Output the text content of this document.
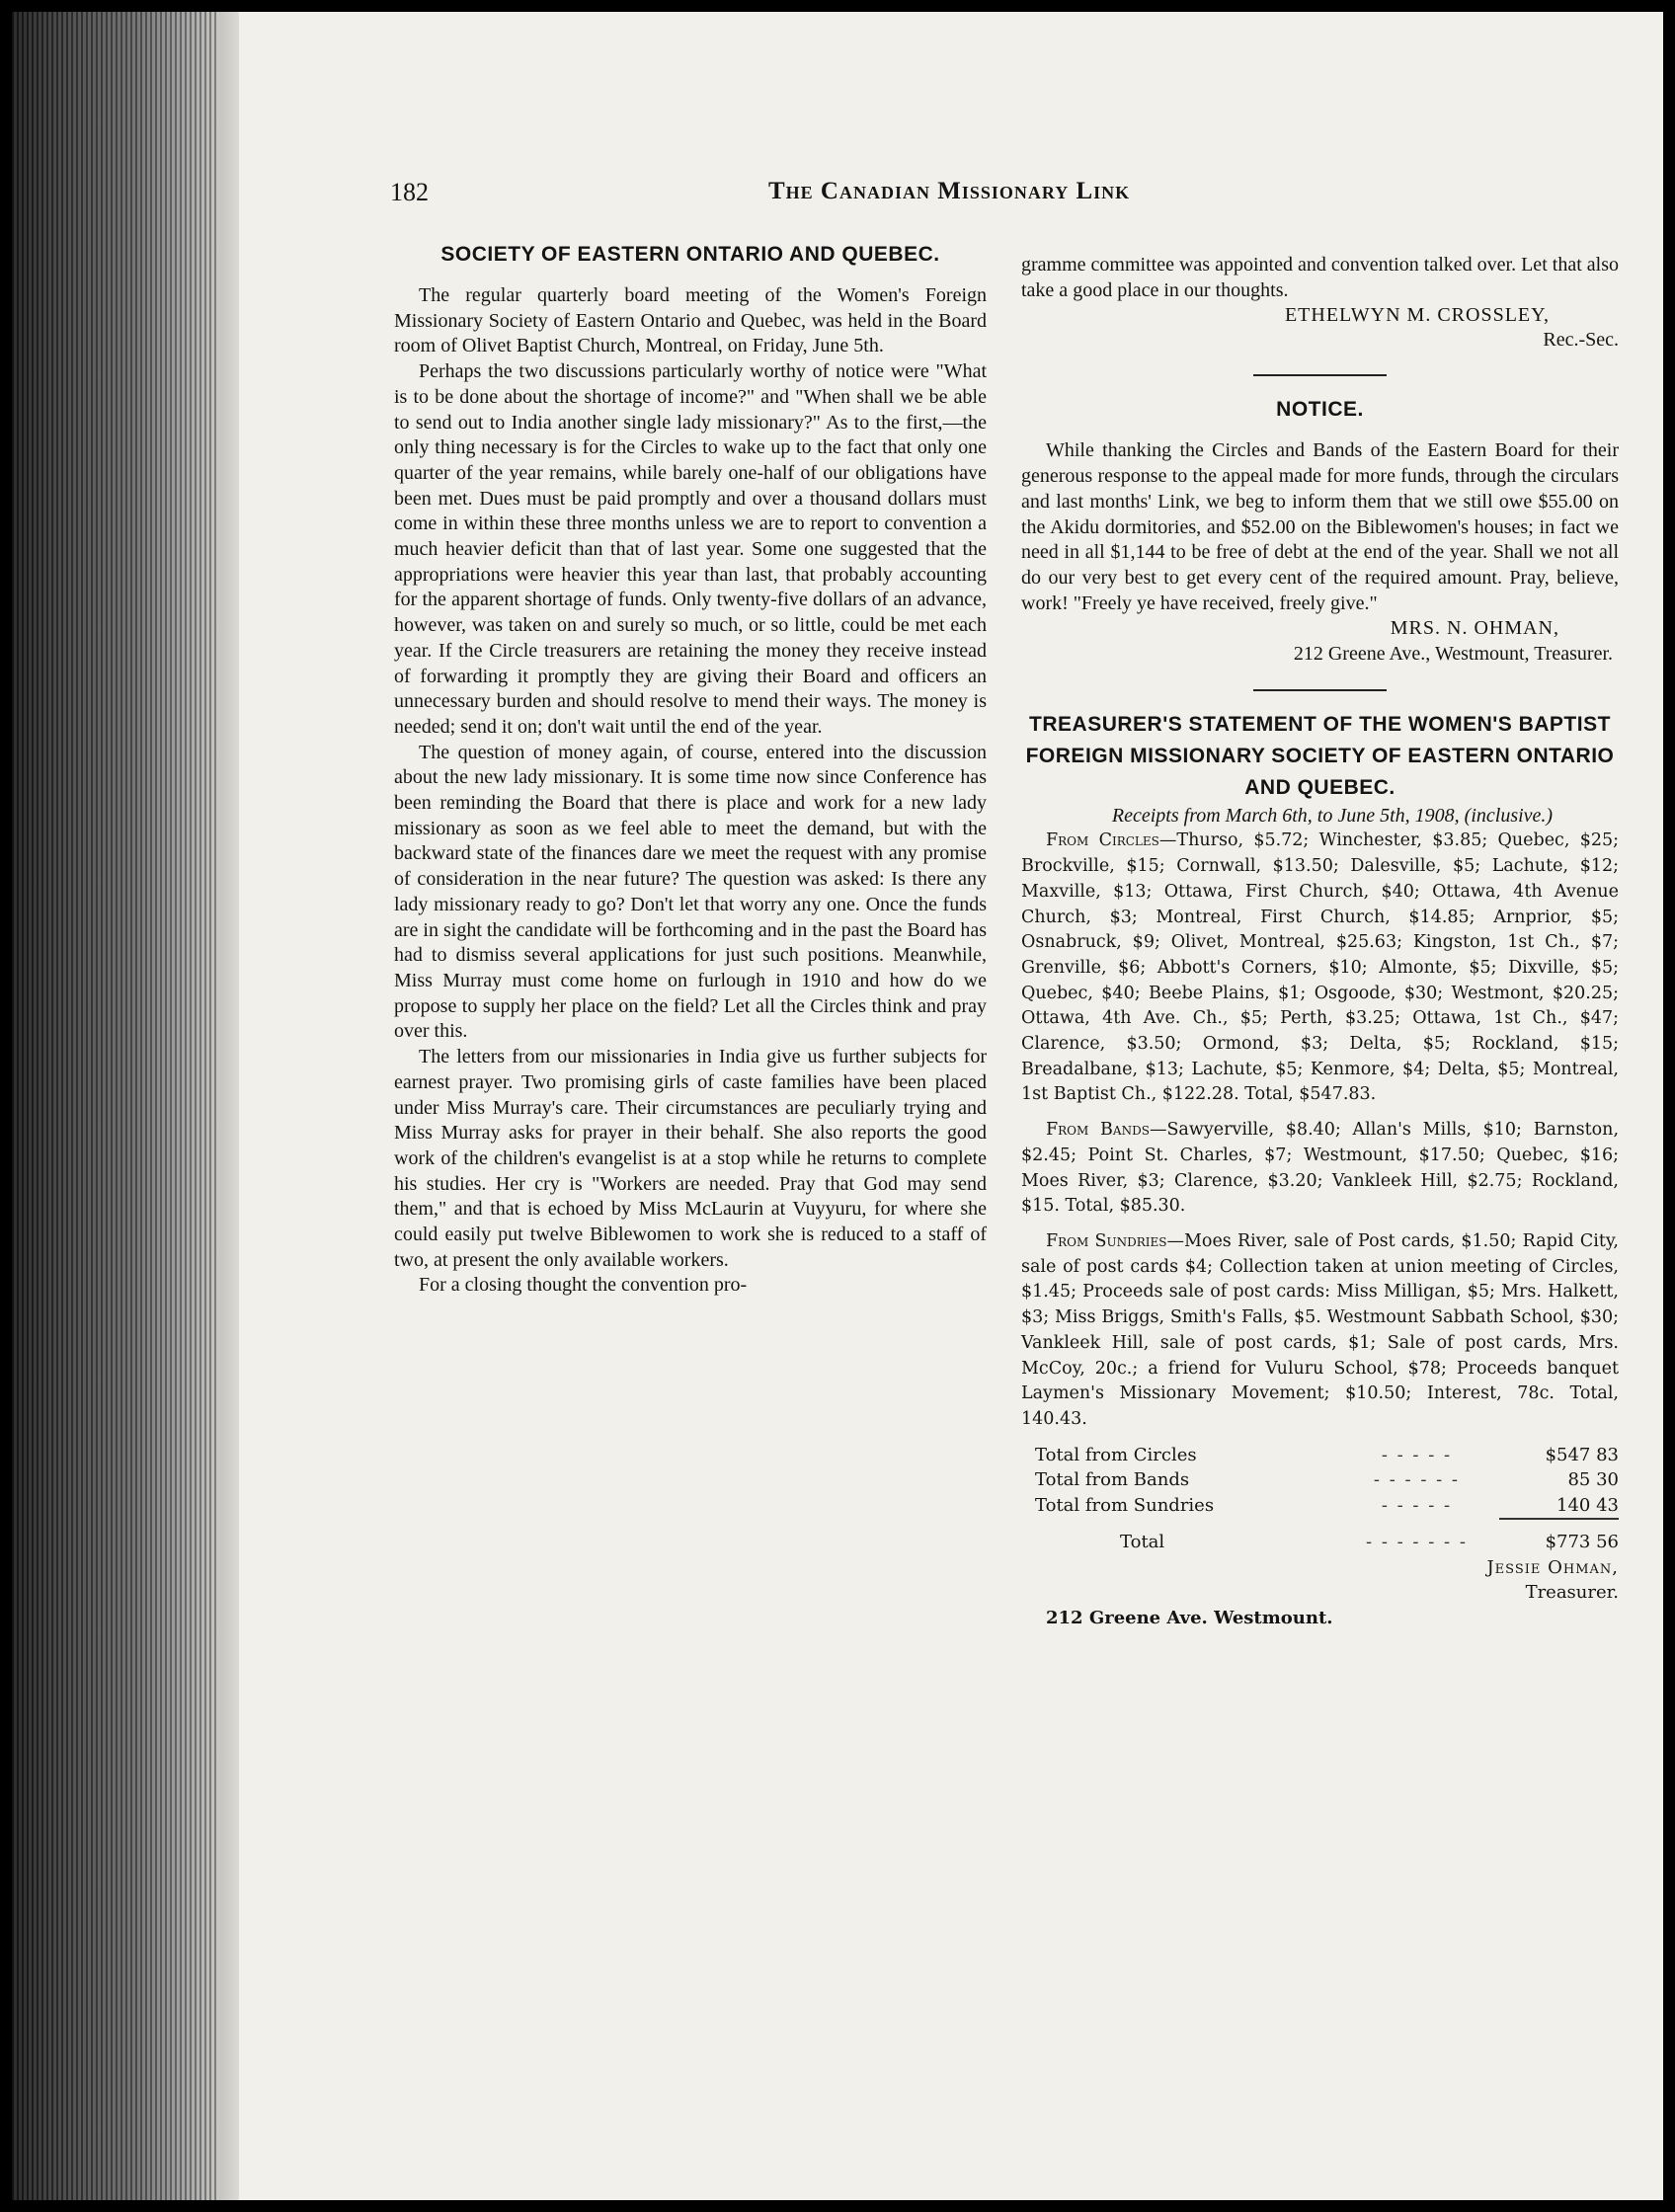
182	The Canadian Missionary Link
SOCIETY OF EASTERN ONTARIO AND QUEBEC.

The regular quarterly board meeting of the Women's Foreign Missionary Society of Eastern Ontario and Quebec, was held in the Board room of Olivet Baptist Church, Montreal, on Friday, June 5th.

Perhaps the two discussions particularly worthy of notice were "What is to be done about the shortage of income?" and "When shall we be able to send out to India another single lady missionary?" As to the first,—the only thing necessary is for the Circles to wake up to the fact that only one quarter of the year remains, while barely one-half of our obligations have been met. Dues must be paid promptly and over a thousand dollars must come in within these three months unless we are to report to convention a much heavier deficit than that of last year. Some one suggested that the appropriations were heavier this year than last, that probably accounting for the apparent shortage of funds. Only twenty-five dollars of an advance, however, was taken on and surely so much, or so little, could be met each year. If the Circle treasurers are retaining the money they receive instead of forwarding it promptly they are giving their Board and officers an unnecessary burden and should resolve to mend their ways. The money is needed; send it on; don't wait until the end of the year.

The question of money again, of course, entered into the discussion about the new lady missionary. It is some time now since Conference has been reminding the Board that there is place and work for a new lady missionary as soon as we feel able to meet the demand, but with the backward state of the finances dare we meet the request with any promise of consideration in the near future? The question was asked: Is there any lady missionary ready to go? Don't let that worry any one. Once the funds are in sight the candidate will be forthcoming and in the past the Board has had to dismiss several applications for just such positions. Meanwhile, Miss Murray must come home on furlough in 1910 and how do we propose to supply her place on the field? Let all the Circles think and pray over this.

The letters from our missionaries in India give us further subjects for earnest prayer. Two promising girls of caste families have been placed under Miss Murray's care. Their circumstances are peculiarly trying and Miss Murray asks for prayer in their behalf. She also reports the good work of the children's evangelist is at a stop while he returns to complete his studies. Her cry is "Workers are needed. Pray that God may send them," and that is echoed by Miss McLaurin at Vuyyuru, for where she could easily put twelve Biblewomen to work she is reduced to a staff of two, at present the only available workers.

For a closing thought the convention pro-

gramme committee was appointed and convention talked over. Let that also take a good place in our thoughts.

ETHELWYN M. CROSSLEY,

Rec.-Sec.

NOTICE.

While thanking the Circles and Bands of the Eastern Board for their generous response to the appeal made for more funds, through the circulars and last months' Link, we beg to inform them that we still owe $55.00 on the Akidu dormitories, and $52.00 on the Biblewomen's houses; in fact we need in all $1,144 to be free of debt at the end of the year. Shall we not all do our very best to get every cent of the required amount. Pray, believe, work! "Freely ye have received, freely give."

MRS. N. OHMAN,

212 Greene Ave., Westmount, Treasurer.

TREASURER'S STATEMENT OF THE WOMEN'S BAPTIST FOREIGN MISSIONARY SOCIETY OF EASTERN ONTARIO AND QUEBEC.

Receipts from March 6th, to June 5th, 1908, (inclusive.)

From Circles—Thurso, $5.72; Winchester, $3.85; Quebec, $25; Brockville, $15; Cornwall, $13.50; Dalesville, $5; Lachute, $12; Maxville, $13; Ottawa, First Church, $40; Ottawa, 4th Avenue Church, $3; Montreal, First Church, $14.85; Arnprior, $5; Osnabruck, $9; Olivet, Montreal, $25.63; Kingston, 1st Ch., $7; Grenville, $6; Abbott's Corners, $10; Almonte, $5; Dixville, $5; Quebec, $40; Beebe Plains, $1; Osgoode, $30; Westmont, $20.25; Ottawa, 4th Ave. Ch., $5; Perth, $3.25; Ottawa, 1st Ch., $47; Clarence, $3.50; Ormond, $3; Delta, $5; Rockland, $15; Breadalbane, $13; Lachute, $5; Kenmore, $4; Delta, $5; Montreal, 1st Baptist Ch., $122.28. Total, $547.83.

From Bands—Sawyerville, $8.40; Allan's Mills, $10; Barnston, $2.45; Point St. Charles, $7; Westmount, $17.50; Quebec, $16; Moes River, $3; Clarence, $3.20; Vankleek Hill, $2.75; Rockland, $15. Total, $85.30.

From Sundries—Moes River, sale of Post cards, $1.50; Rapid City, sale of post cards $4; Collection taken at union meeting of Circles, $1.45; Proceeds sale of post cards: Miss Milligan, $5; Mrs. Halkett, $3; Miss Briggs, Smith's Falls, $5. Westmount Sabbath School, $30; Vankleek Hill, sale of post cards, $1; Sale of post cards, Mrs. McCoy, 20c.; a friend for Vuluru School, $78; Proceeds banquet Laymen's Missionary Movement; $10.50; Interest, 78c. Total, 140.43.

Total from Circles	- - - - -	$547 83
Total from Bands	- - - - - -	85 30
Total from Sundries	- - - - -	140 43
Total	- - - - - - -	$773 56

Jessie Ohman,

Treasurer.

212 Greene Ave. Westmount.
